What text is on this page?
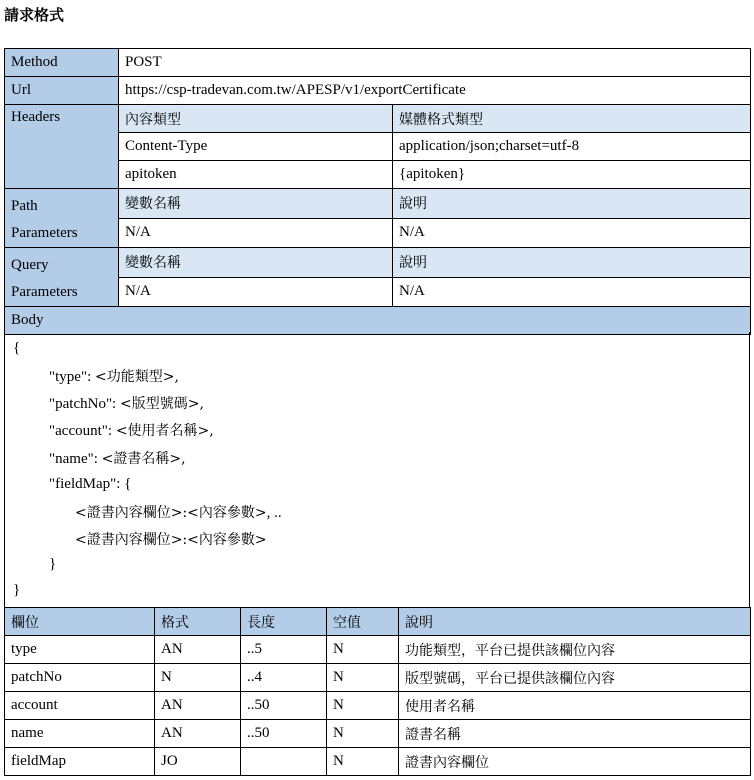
請求格式
Method	POST	
Url	https://csp-tradevan.com.tw/APESP/v1/exportCertificate	
Headers	內容類型	媒體格式類型
	Content-Type	application/json;charset=utf-8
	apitoken	{apitoken}

Path
Parameters	變數名稱	說明
	N/A	N/A

Query
Parameters	變數名稱	說明
	N/A	N/A
Body		
{
"type": <功能類型>,
"patchNo": <版型號碼>,
"account": <使用者名稱>,
"name": <證書名稱>,
"fieldMap": {
<證書內容欄位>:<內容參數>, ..
<證書內容欄位>:<內容參數>
}
}
欄位	格式	長度	空值	說明
type	AN	..5	N	功能類型，平台已提供該欄位內容
patchNo	N	..4	N	版型號碼，平台已提供該欄位內容
account	AN	..50	N	使用者名稱
name	AN	..50	N	證書名稱
fieldMap	JO		N	證書內容欄位
